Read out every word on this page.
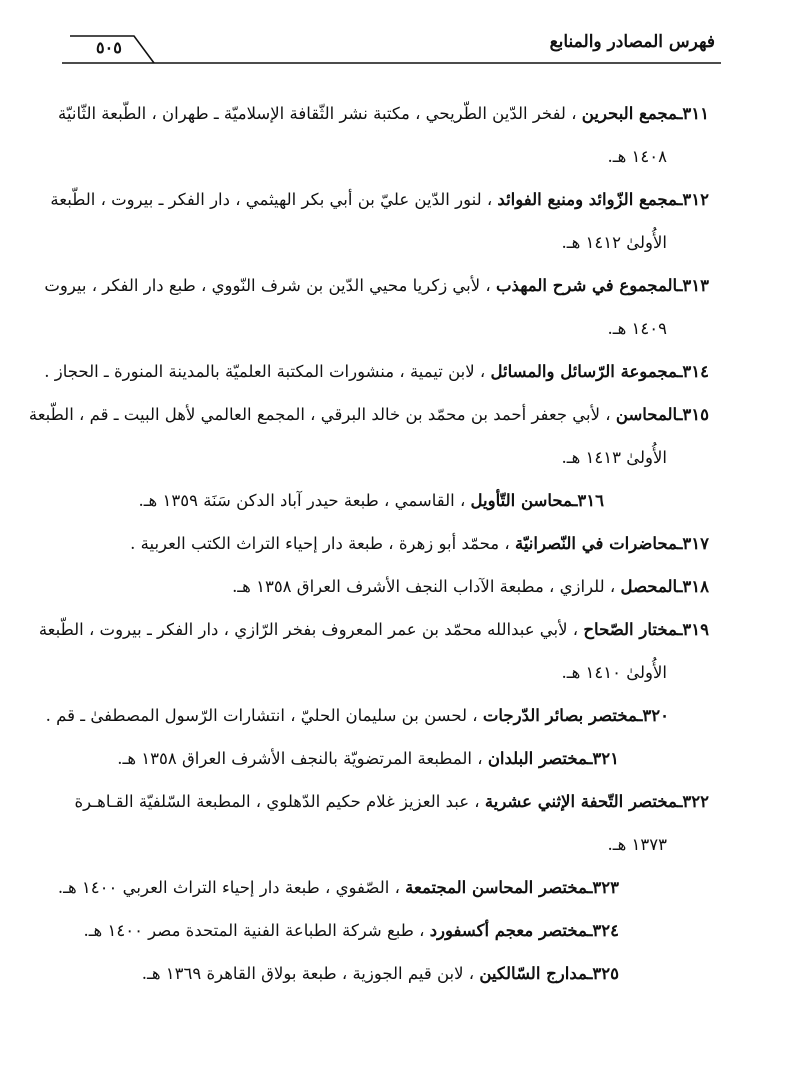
فهرس المصادر والمنابع
٥٠٥
٣١١ـمجمع البحرين ، لفخر الدّين الطّريحي ، مكتبة نشر الثّقافة الإسلاميّة ـ طهران ، الطّبعة الثّانيّة
١٤٠٨ هـ.
٣١٢ـمجمع الزّوائد ومنبع الفوائد ، لنور الدّين عليّ بن أبي بكر الهيثمي ، دار الفكر ـ بيروت ، الطّبعة
الأُولىٰ ١٤١٢ هـ.
٣١٣ـالمجموع في شرح المهذب ، لأبي زكريا محيي الدّين بن شرف النّووي ، طبع دار الفكر ، بيروت
١٤٠٩ هـ.
٣١٤ـمجموعة الرّسائل والمسائل ، لابن تيمية ، منشورات المكتبة العلميّة بالمدينة المنورة ـ الحجاز .
٣١٥ـالمحاسن ، لأبي جعفر أحمد بن محمّد بن خالد البرقي ، المجمع العالمي لأهل البيت ـ قم ، الطّبعة
الأُولىٰ ١٤١٣ هـ.
٣١٦ـمحاسن التّأويل ، القاسمي ، طبعة حيدر آباد الدكن سَنَة ١٣٥٩ هـ.
٣١٧ـمحاضرات في النّصرانيّة ، محمّد أبو زهرة ، طبعة دار إحياء التراث الكتب العربية .
٣١٨ـالمحصل ، للرازي ، مطبعة الآداب النجف الأشرف العراق ١٣٥٨ هـ.
٣١٩ـمختار الصّحاح ، لأبي عبدالله محمّد بن عمر المعروف بفخر الرّازي ، دار الفكر ـ بيروت ، الطّبعة
الأُولىٰ ١٤١٠ هـ.
٣٢٠ـمختصر بصائر الدّرجات ، لحسن بن سليمان الحليّ ، انتشارات الرّسول المصطفىٰ ـ قم .
٣٢١ـمختصر البلدان ، المطبعة المرتضويّة بالنجف الأشرف العراق ١٣٥٨ هـ.
٣٢٢ـمختصر التّحفة الإثني عشرية ، عبد العزيز غلام حكيم الدّهلوي ، المطبعة السّلفيّة القـاهـرة
١٣٧٣ هـ.
٣٢٣ـمختصر المحاسن المجتمعة ، الصّفوي ، طبعة دار إحياء التراث العربي ١٤٠٠ هـ.
٣٢٤ـمختصر معجم أكسفورد ، طبع شركة الطباعة الفنية المتحدة مصر ١٤٠٠ هـ.
٣٢٥ـمدارج السّالكين ، لابن قيم الجوزية ، طبعة بولاق القاهرة ١٣٦٩ هـ.
